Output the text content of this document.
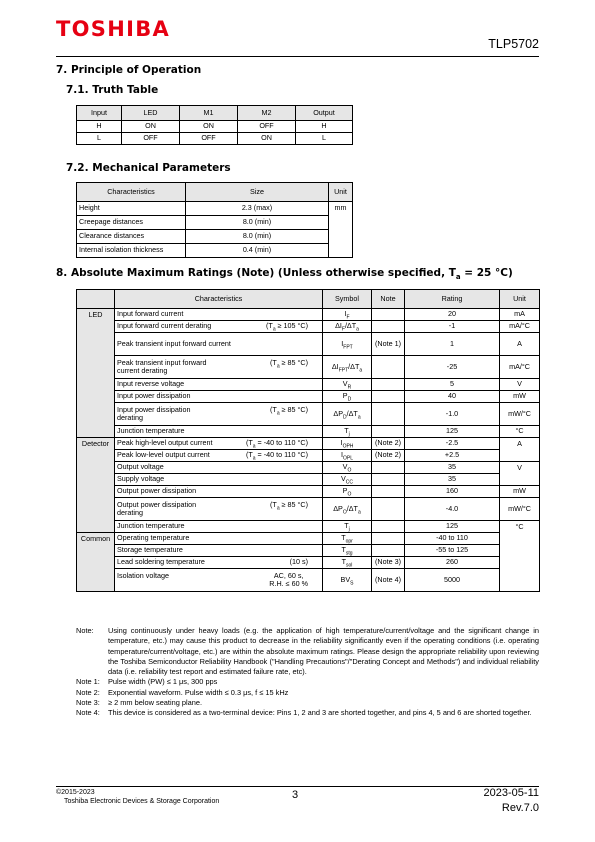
TOSHIBA
TLP5702
7. Principle of Operation
7.1. Truth Table
Input	LED	M1	M2	Output
H	ON	ON	OFF	H
L	OFF	OFF	ON	L
7.2. Mechanical Parameters
Characteristics	Size	Unit
Height	2.3 (max)	mm
Creepage distances	8.0 (min)	
Clearance distances	8.0 (min)	
Internal isolation thickness	0.4 (min)	
8. Absolute Maximum Ratings (Note) (Unless otherwise specified, $T_a = 25$ °C)
	Characteristics	Symbol	Note	Rating	Unit
LED	Input forward current	$I_F$		20	mA

	Input forward current derating ($T_a \ge 105$ °C)	$\Delta I_F/\Delta T_a$		-1	mA/°C

	Peak transient input forward current	$I_{FPT}$	(Note 1)	1	A

	Peak transient input forward current derating
($T_a \ge 85$ °C)	$\Delta I_{FPT}/\Delta T_a$		-25	mA/°C

	Input reverse voltage	$V_R$		5	V

	Input power dissipation	$P_D$		40	mW

	Input power dissipation derating
($T_a \ge 85$ °C)	$\Delta P_D/\Delta T_a$		-1.0	mW/°C

	Junction temperature	$T_j$		125	°C
Detector	Peak high-level output current ($T_a = -40$ to 110 °C)	$I_{OPH}$	(Note 2)	-2.5	A

	Peak low-level output current ($T_a = -40$ to 110 °C)	$I_{OPL}$	(Note 2)	+2.5	

	Output voltage	$V_O$		35	V

	Supply voltage	$V_{CC}$		35	

	Output power dissipation	$P_O$		160	mW

	Output power dissipation derating
($T_a \ge 85$ °C)	$\Delta P_O/\Delta T_a$		-4.0	mW/°C

	Junction temperature	$T_j$		125	°C
Common	Operating temperature	$T_{opr}$		-40 to 110	

	Storage temperature	$T_{stg}$		-55 to 125	

	Lead soldering temperature (10 s)	$T_{sol}$	(Note 3)	260	

	Isolation voltage AC, 60 s,
R.H. ≤ 60 %	$BV_S$	(Note 4)	5000	
Note:	Using continuously under heavy loads (e.g. the application of high temperature/current/voltage and the significant change in temperature, etc.) may cause this product to decrease in the reliability significantly even if the operating conditions (i.e. operating temperature/current/voltage, etc.) are within the absolute maximum ratings. Please design the appropriate reliability upon reviewing the Toshiba Semiconductor Reliability Handbook ("Handling Precautions"/"Derating Concept and Methods") and individual reliability data (i.e. reliability test report and estimated failure rate, etc).
Note 1:	Pulse width (PW) ≤ 1 μs, 300 pps
Note 2:	Exponential waveform. Pulse width ≤ 0.3 μs, f ≤ 15 kHz
Note 3:	≥ 2 mm below seating plane.
Note 4:	This device is considered as a two-terminal device: Pins 1, 2 and 3 are shorted together, and pins 4, 5 and 6 are shorted together.
©2015-2023
Toshiba Electronic Devices & Storage Corporation
3	2023-05-11
Rev.7.0
